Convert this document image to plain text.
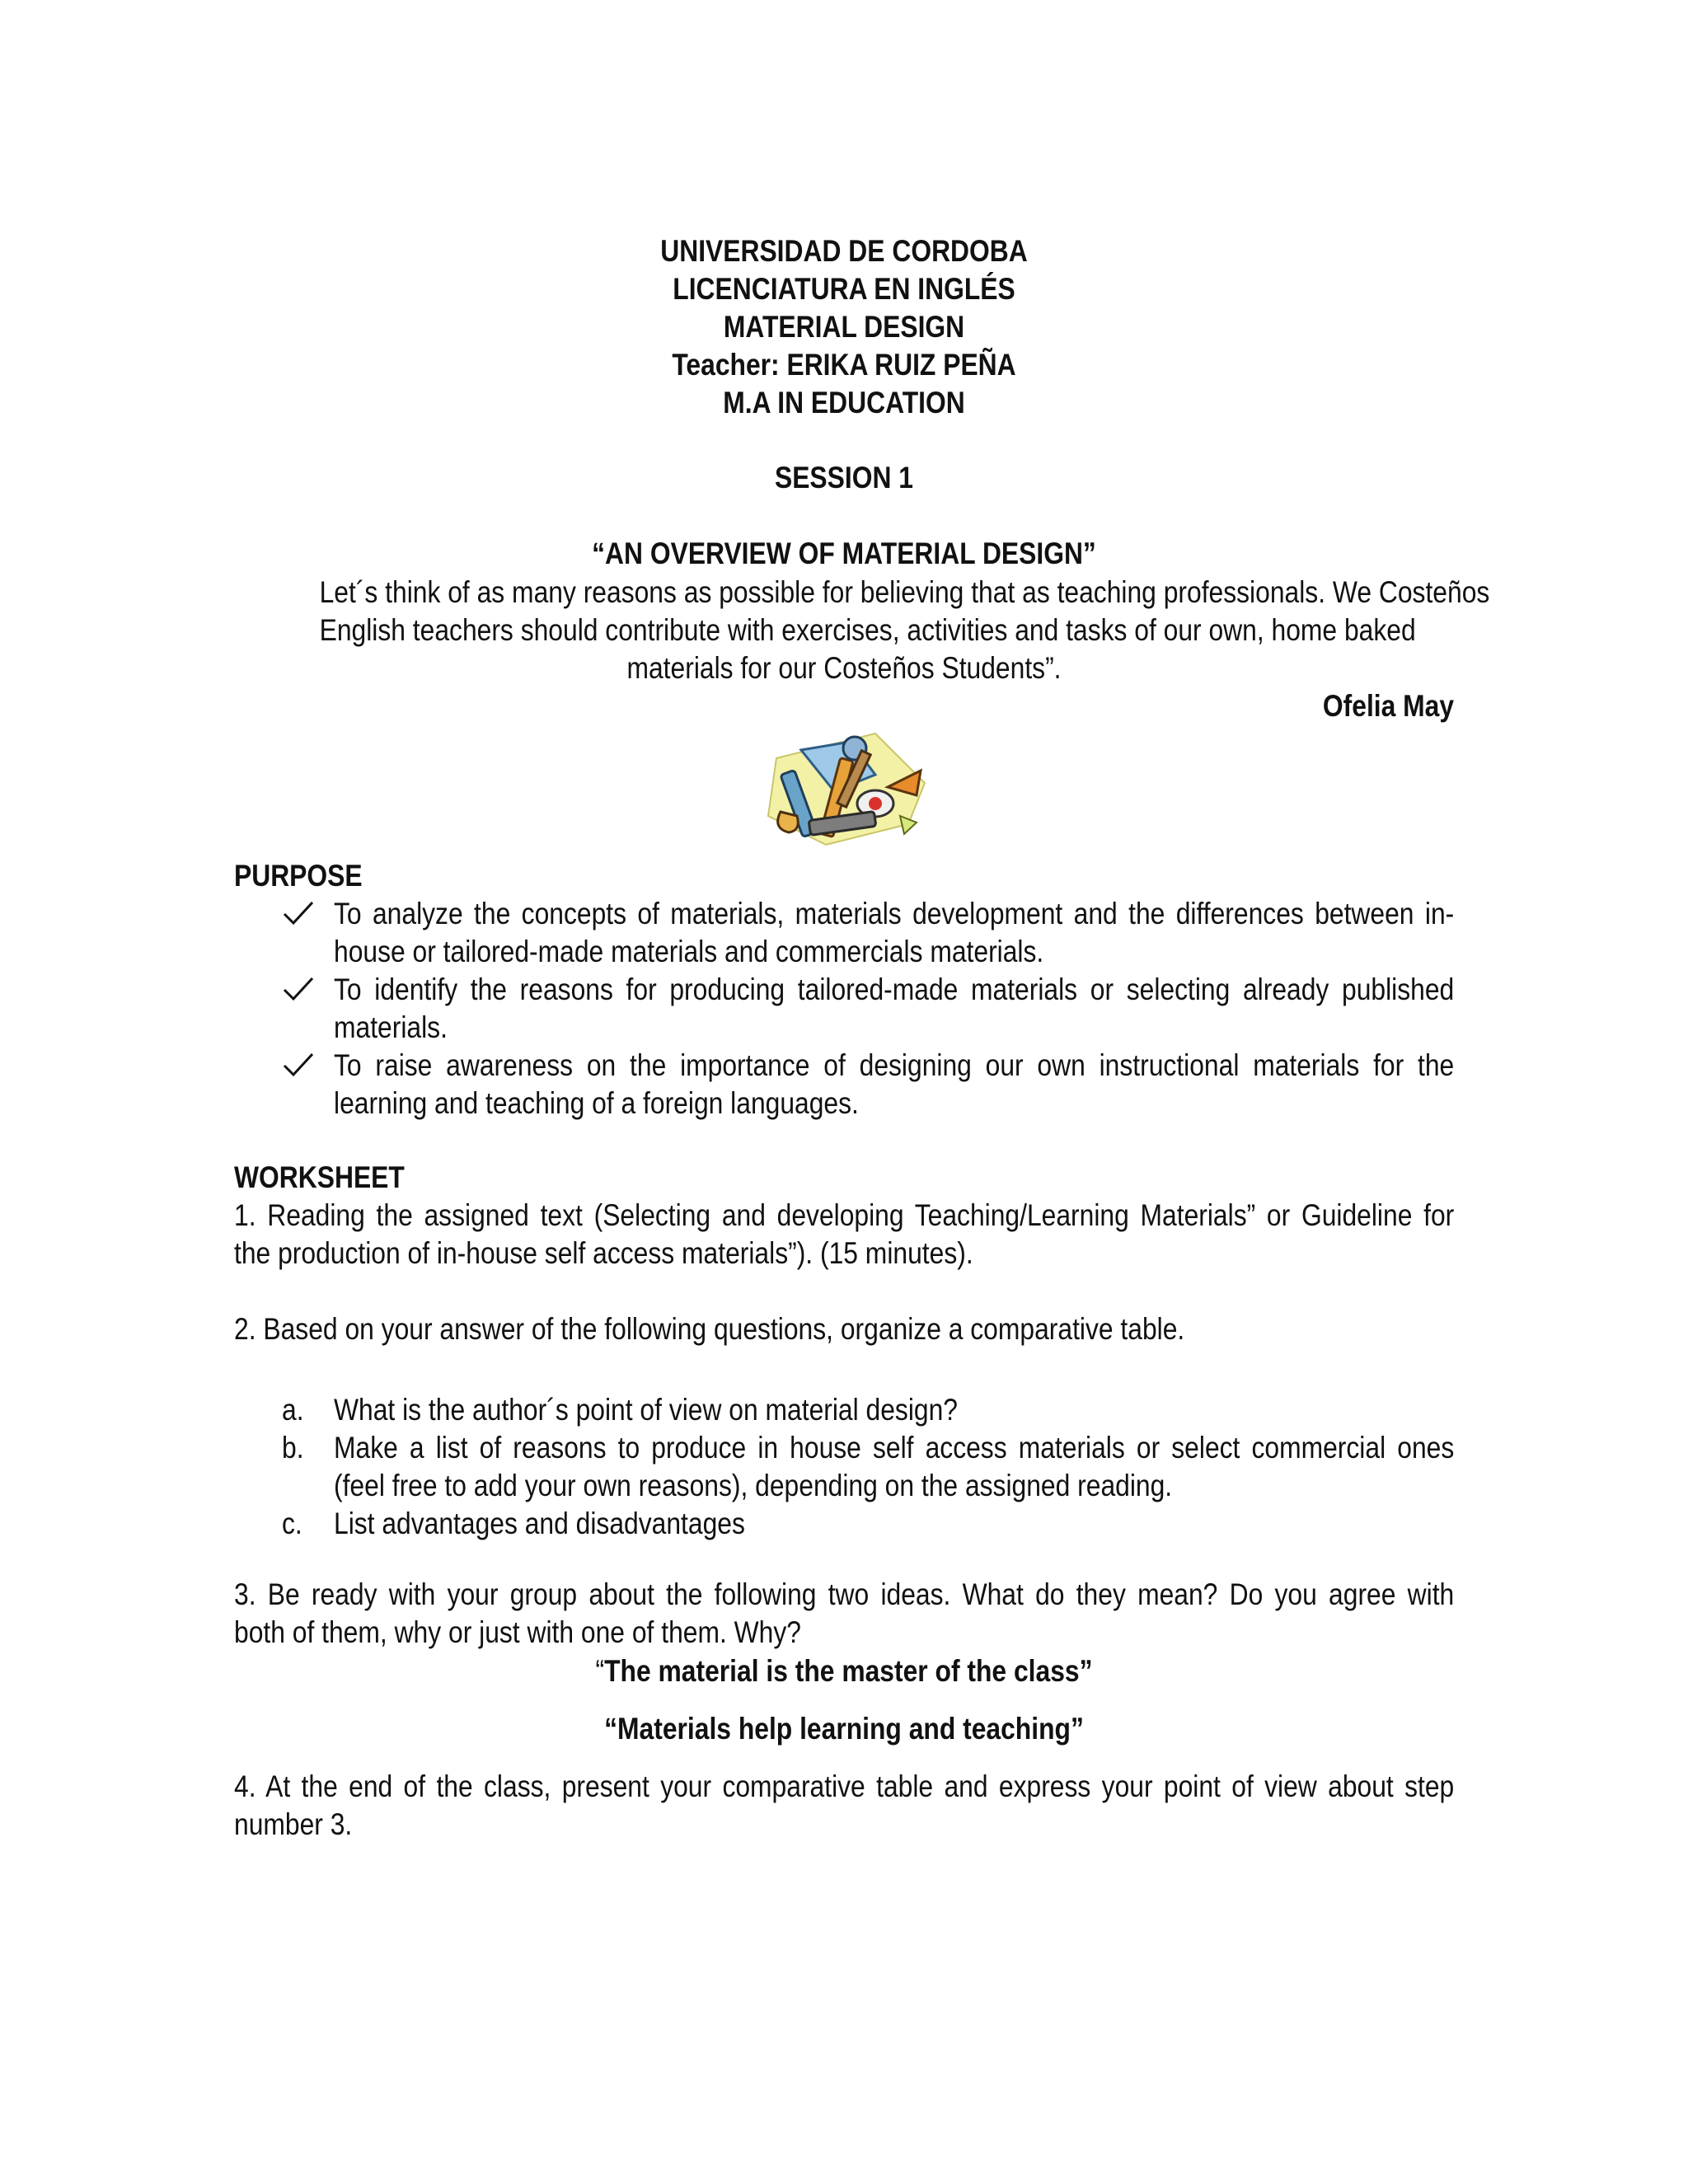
UNIVERSIDAD DE CORDOBA
LICENCIATURA EN INGLÉS
MATERIAL DESIGN
Teacher: ERIKA RUIZ PEÑA
M.A IN EDUCATION
SESSION 1
“AN OVERVIEW OF MATERIAL DESIGN”
Let´s think of as many reasons as possible for believing that as teaching professionals. We Costeños
English teachers should contribute with exercises, activities and tasks of our own, home baked
materials for our Costeños Students”.
Ofelia May
PURPOSE
To analyze the concepts of materials, materials development and the differences between in-
house or tailored-made materials and commercials materials.
To identify the reasons for producing tailored-made materials or selecting already published
materials.
To raise awareness on the importance of designing our own instructional materials for the
learning and teaching of a foreign languages.
WORKSHEET
1. Reading the assigned text (Selecting and developing Teaching/Learning Materials” or Guideline for
the production of in-house self access materials”). (15 minutes).
2. Based on your answer of the following questions, organize a comparative table.
a. What is the author´s point of view on material design?
b. Make a list of reasons to produce in house self access materials or select commercial ones
(feel free to add your own reasons), depending on the assigned reading.
c. List advantages and disadvantages
3. Be ready with your group about the following two ideas. What do they mean? Do you agree with
both of them, why or just with one of them. Why?
“The material is the master of the class”
“Materials help learning and teaching”
4. At the end of the class, present your comparative table and express your point of view about step
number 3.
